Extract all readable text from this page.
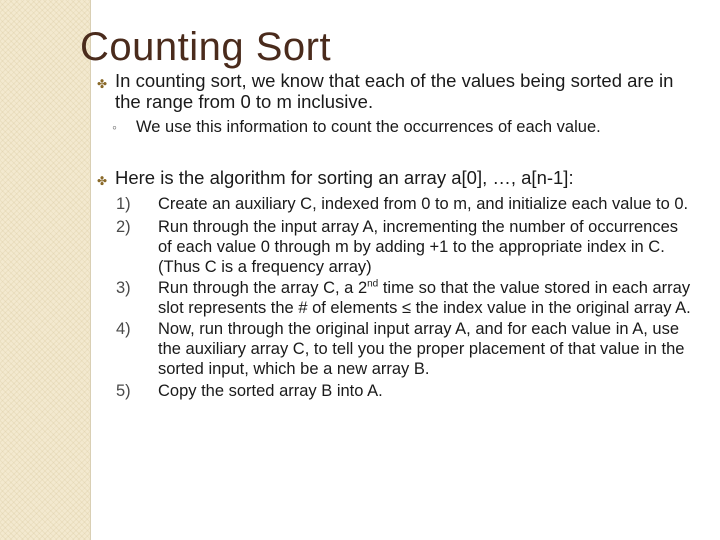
Counting Sort
✤ In counting sort, we know that each of the values being sorted are in the range from 0 to m inclusive.
◦	We use this information to count the occurrences of each value.
✤ Here is the algorithm for sorting an array a[0], …, a[n-1]:
1) Create an auxiliary C, indexed from 0 to m, and initialize each value to 0.
2) Run through the input array A, incrementing the number of occurrences of each value 0 through m by adding +1 to the appropriate index in C. (Thus C is a frequency array)
3) Run through the array C, a 2nd time so that the value stored in each array slot represents the # of elements ≤ the index value in the original array A.
4) Now, run through the original input array A, and for each value in A, use the auxiliary array C, to tell you the proper placement of that value in the sorted input, which be a new array B.
5) Copy the sorted array B into A.
